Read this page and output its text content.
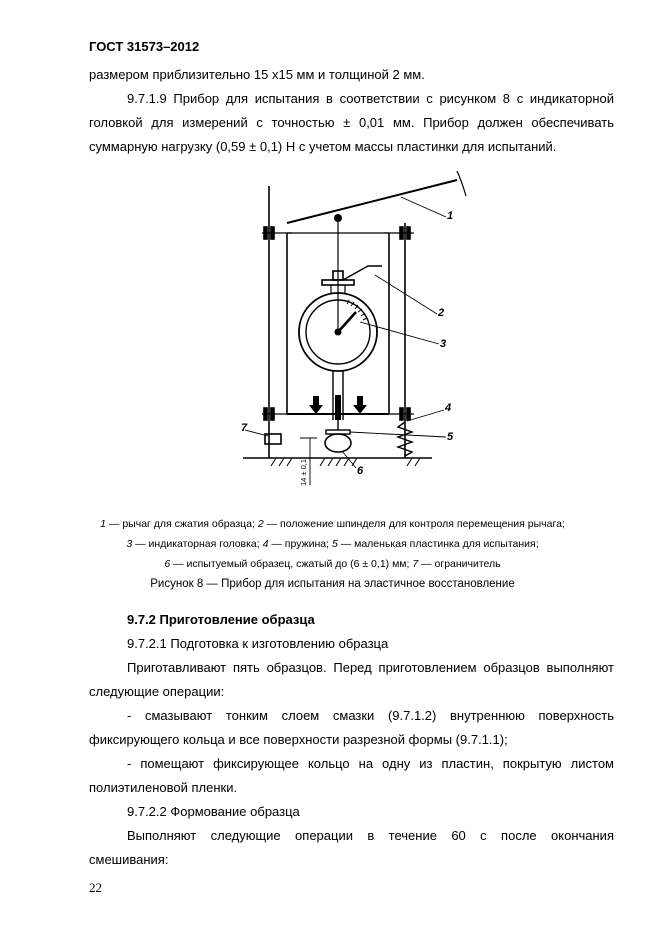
ГОСТ 31573–2012
размером приблизительно 15 x15 мм и толщиной 2 мм.
9.7.1.9 Прибор для испытания в соответствии с рисунком 8 с индикаторной
головкой для измерений с точностью ± 0,01 мм. Прибор должен обеспечивать
суммарную нагрузку (0,59 ± 0,1) Н с учетом массы пластинки для испытаний.
1
2
3
4
5
6
7
14 ± 0,1
1 — рычаг для сжатия образца; 2 — положение шпинделя для контроля перемещения рычага;
3 — индикаторная головка; 4 — пружина; 5 — маленькая пластинка для испытания;
6 — испытуемый образец, сжатый до (6 ± 0,1) мм; 7 — ограничитель
Рисунок 8 — Прибор для испытания на эластичное восстановление
9.7.2 Приготовление образца
9.7.2.1 Подготовка к изготовлению образца
Приготавливают пять образцов. Перед приготовлением образцов выполняют
следующие операции:
- смазывают тонким слоем смазки (9.7.1.2) внутреннюю поверхность
фиксирующего кольца и все поверхности разрезной формы (9.7.1.1);
- помещают фиксирующее кольцо на одну из пластин, покрытую листом
полиэтиленовой пленки.
9.7.2.2 Формование образца
Выполняют следующие операции в течение 60 с после окончания
смешивания:
22
